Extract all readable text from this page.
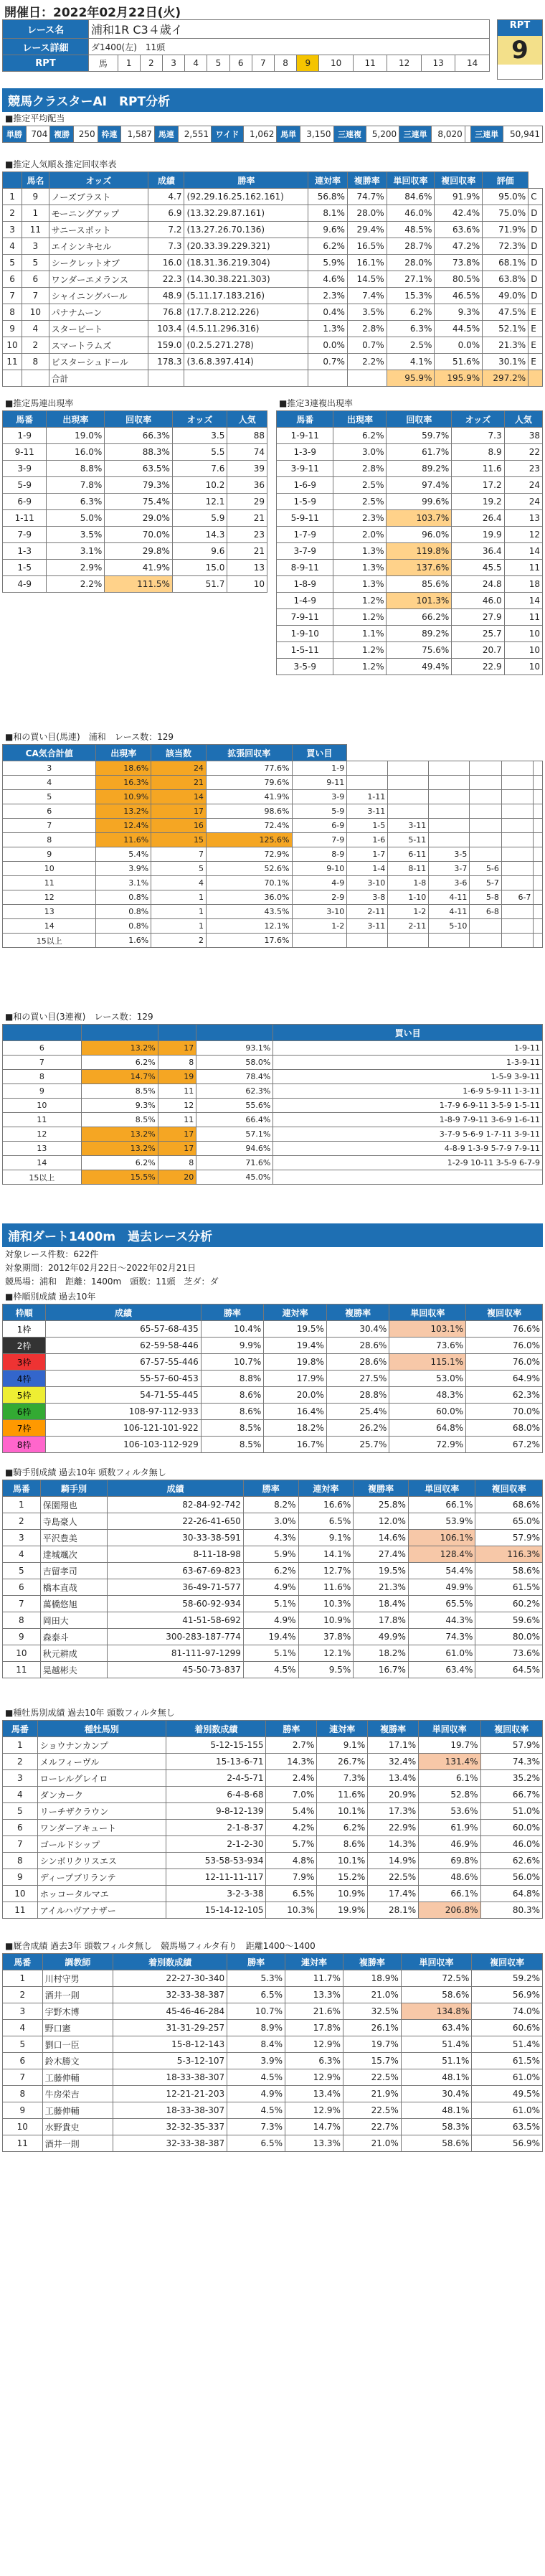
開催日：2022年02月22日(火)
レース名	浦和1R C3４歳イ														
レース詳細	ダ1400(左)　11頭														
RPT	馬	1	2	3	4	5	6	7	8	9	10	11	12	13	14
RPT
9
競馬クラスターAI　RPT分析
■推定平均配当
単勝	704	複勝	250	枠連	1,587	馬連	2,551	ワイド	1,062	馬単	3,150	三連複	5,200	三連単	8,020		三連単	50,941
■推定人気順＆推定回収率表
	馬名	オッズ	成績	勝率	連対率	複勝率	単回収率	複回収率	評価	
1	9	ノーズブラスト	4.7	(92.29.16.25.162.161)	56.8%	74.7%	84.6%	91.9%	95.0%	C
2	1	モーニングアップ	6.9	(13.32.29.87.161)	8.1%	28.0%	46.0%	42.4%	75.0%	D
3	11	サニースポット	7.2	(13.27.26.70.136)	9.6%	29.4%	48.5%	63.6%	71.9%	D
4	3	エイシンキセル	7.3	(20.33.39.229.321)	6.2%	16.5%	28.7%	47.2%	72.3%	D
5	5	シークレットオブ	16.0	(18.31.36.219.304)	5.9%	16.1%	28.0%	73.8%	68.1%	D
6	6	ワンダーエメランス	22.3	(14.30.38.221.303)	4.6%	14.5%	27.1%	80.5%	63.8%	D
7	7	シャイニングバール	48.9	(5.11.17.183.216)	2.3%	7.4%	15.3%	46.5%	49.0%	D
8	10	パナナムーン	76.8	(17.7.8.212.226)	0.4%	3.5%	6.2%	9.3%	47.5%	E
9	4	スターピート	103.4	(4.5.11.296.316)	1.3%	2.8%	6.3%	44.5%	52.1%	E
10	2	スマートラムズ	159.0	(0.2.5.271.278)	0.0%	0.7%	2.5%	0.0%	21.3%	E
11	8	ビスターシュドール	178.3	(3.6.8.397.414)	0.7%	2.2%	4.1%	51.6%	30.1%	E
		合計					95.9%	195.9%	297.2%	
■推定馬連出現率
馬番	出現率	回収率	オッズ	人気
1-9	19.0%	66.3%	3.5	88
9-11	16.0%	88.3%	5.5	74
3-9	8.8%	63.5%	7.6	39
5-9	7.8%	79.3%	10.2	36
6-9	6.3%	75.4%	12.1	29
1-11	5.0%	29.0%	5.9	21
7-9	3.5%	70.0%	14.3	23
1-3	3.1%	29.8%	9.6	21
1-5	2.9%	41.9%	15.0	13
4-9	2.2%	111.5%	51.7	10
■推定3連複出現率
馬番	出現率	回収率	オッズ	人気
1-9-11	6.2%	59.7%	7.3	38
1-3-9	3.0%	61.7%	8.9	22
3-9-11	2.8%	89.2%	11.6	23
1-6-9	2.5%	97.4%	17.2	24
1-5-9	2.5%	99.6%	19.2	24
5-9-11	2.3%	103.7%	26.4	13
1-7-9	2.0%	96.0%	19.9	12
3-7-9	1.3%	119.8%	36.4	14
8-9-11	1.3%	137.6%	45.5	11
1-8-9	1.3%	85.6%	24.8	18
1-4-9	1.2%	101.3%	46.0	14
7-9-11	1.2%	66.2%	27.9	11
1-9-10	1.1%	89.2%	25.7	10
1-5-11	1.2%	75.6%	20.7	10
3-5-9	1.2%	49.4%	22.9	10
■和の買い目(馬連)　浦和　レース数：129
CA気合計値	出現率	該当数	拡張回収率	買い目						
3	18.6%	24	77.6%	1-9						
4	16.3%	21	79.6%	9-11						
5	10.9%	14	41.9%	3-9	1-11					
6	13.2%	17	98.6%	5-9	3-11					
7	12.4%	16	72.4%	6-9	1-5	3-11				
8	11.6%	15	125.6%	7-9	1-6	5-11				
9	5.4%	7	72.9%	8-9	1-7	6-11	3-5			
10	3.9%	5	52.6%	9-10	1-4	8-11	3-7	5-6		
11	3.1%	4	70.1%	4-9	3-10	1-8	3-6	5-7		
12	0.8%	1	36.0%	2-9	3-8	1-10	4-11	5-8	6-7	
13	0.8%	1	43.5%	3-10	2-11	1-2	4-11	6-8		
14	0.8%	1	12.1%	1-2	3-11	2-11	5-10			
15以上	1.6%	2	17.6%							
■和の買い目(3連複)　レース数：129
				買い目
6	13.2%	17	93.1%	1-9-11
7	6.2%	8	58.0%	1-3-9-11
8	14.7%	19	78.4%	1-5-9 3-9-11
9	8.5%	11	62.3%	1-6-9 5-9-11 1-3-11
10	9.3%	12	55.6%	1-7-9 6-9-11 3-5-9 1-5-11
11	8.5%	11	66.4%	1-8-9 7-9-11 3-6-9 1-6-11
12	13.2%	17	57.1%	3-7-9 5-6-9 1-7-11 3-9-11
13	13.2%	17	94.6%	4-8-9 1-3-9 5-7-9 7-9-11
14	6.2%	8	71.6%	1-2-9 10-11 3-5-9 6-7-9
15以上	15.5%	20	45.0%	
浦和ダート1400m　過去レース分析
対象レース件数：622件
対象期間：2012年02月22日～2022年02月21日
競馬場：浦和　距離：1400m　頭数：11頭　芝ダ：ダ
■枠順別成績 過去10年
枠順	成績	勝率	連対率	複勝率	単回収率	複回収率
1枠	65-57-68-435	10.4%	19.5%	30.4%	103.1%	76.6%
2枠	62-59-58-446	9.9%	19.4%	28.6%	73.6%	76.0%
3枠	67-57-55-446	10.7%	19.8%	28.6%	115.1%	76.0%
4枠	55-57-60-453	8.8%	17.9%	27.5%	53.0%	64.9%
5枠	54-71-55-445	8.6%	20.0%	28.8%	48.3%	62.3%
6枠	108-97-112-933	8.6%	16.4%	25.4%	60.0%	70.0%
7枠	106-121-101-922	8.5%	18.2%	26.2%	64.8%	68.0%
8枠	106-103-112-929	8.5%	16.7%	25.7%	72.9%	67.2%
■騎手別成績 過去10年 頭数フィルタ無し
馬番	騎手別	成績	勝率	連対率	複勝率	単回収率	複回収率
1	保園翔也	82-84-92-742	8.2%	16.6%	25.8%	66.1%	68.6%
2	寺島豪人	22-26-41-650	3.0%	6.5%	12.0%	53.9%	65.0%
3	平沢豊美	30-33-38-591	4.3%	9.1%	14.6%	106.1%	57.9%
4	達城颯次	8-11-18-98	5.9%	14.1%	27.4%	128.4%	116.3%
5	吉留孝司	63-67-69-823	6.2%	12.7%	19.5%	54.4%	58.6%
6	橋本直哉	36-49-71-577	4.9%	11.6%	21.3%	49.9%	61.5%
7	萬橋悠旭	58-60-92-934	5.1%	10.3%	18.4%	65.5%	60.2%
8	岡田大	41-51-58-692	4.9%	10.9%	17.8%	44.3%	59.6%
9	森泰斗	300-283-187-774	19.4%	37.8%	49.9%	74.3%	80.0%
10	秋元耕成	81-111-97-1299	5.1%	12.1%	18.2%	61.0%	73.6%
11	晃越彬夫	45-50-73-837	4.5%	9.5%	16.7%	63.4%	64.5%
■種牡馬別成績 過去10年 頭数フィルタ無し
馬番	種牡馬別	着別数成績	勝率	連対率	複勝率	単回収率	複回収率
1	ショウナンカンプ	5-12-15-155	2.7%	9.1%	17.1%	19.7%	57.9%
2	メルフィーヴル	15-13-6-71	14.3%	26.7%	32.4%	131.4%	74.3%
3	ローレルグレイロ	2-4-5-71	2.4%	7.3%	13.4%	6.1%	35.2%
4	ダンカーク	6-4-8-68	7.0%	11.6%	20.9%	52.8%	66.7%
5	リーチザクラウン	9-8-12-139	5.4%	10.1%	17.3%	53.6%	51.0%
6	ワンダーアキュート	2-1-8-37	4.2%	6.2%	22.9%	61.9%	60.0%
7	ゴールドシップ	2-1-2-30	5.7%	8.6%	14.3%	46.9%	46.0%
8	シンボリクリスエス	53-58-53-934	4.8%	10.1%	14.9%	69.8%	62.6%
9	ディープブリランテ	12-11-11-117	7.9%	15.2%	22.5%	48.6%	56.0%
10	ホッコータルマエ	3-2-3-38	6.5%	10.9%	17.4%	66.1%	64.8%
11	アイルハヴアナザー	15-14-12-105	10.3%	19.9%	28.1%	206.8%	80.3%
■厩舎成績 過去3年 頭数フィルタ無し　競馬場フィルタ有り　距離1400～1400
馬番	調教師	着別数成績	勝率	連対率	複勝率	単回収率	複回収率
1	川村守男	22-27-30-340	5.3%	11.7%	18.9%	72.5%	59.2%
2	酒井一則	32-33-38-387	6.5%	13.3%	21.0%	58.6%	56.9%
3	宇野木博	45-46-46-284	10.7%	21.6%	32.5%	134.8%	74.0%
4	野口憲	31-31-29-257	8.9%	17.8%	26.1%	63.4%	60.6%
5	劉口一臣	15-8-12-143	8.4%	12.9%	19.7%	51.4%	51.4%
6	鈴木勝文	5-3-12-107	3.9%	6.3%	15.7%	51.1%	61.5%
7	工藤伸輔	18-33-38-307	4.5%	12.9%	22.5%	48.1%	61.0%
8	牛房栄吉	12-21-21-203	4.9%	13.4%	21.9%	30.4%	49.5%
9	工藤伸輔	18-33-38-307	4.5%	12.9%	22.5%	48.1%	61.0%
10	水野貴史	32-32-35-337	7.3%	14.7%	22.7%	58.3%	63.5%
11	酒井一則	32-33-38-387	6.5%	13.3%	21.0%	58.6%	56.9%
